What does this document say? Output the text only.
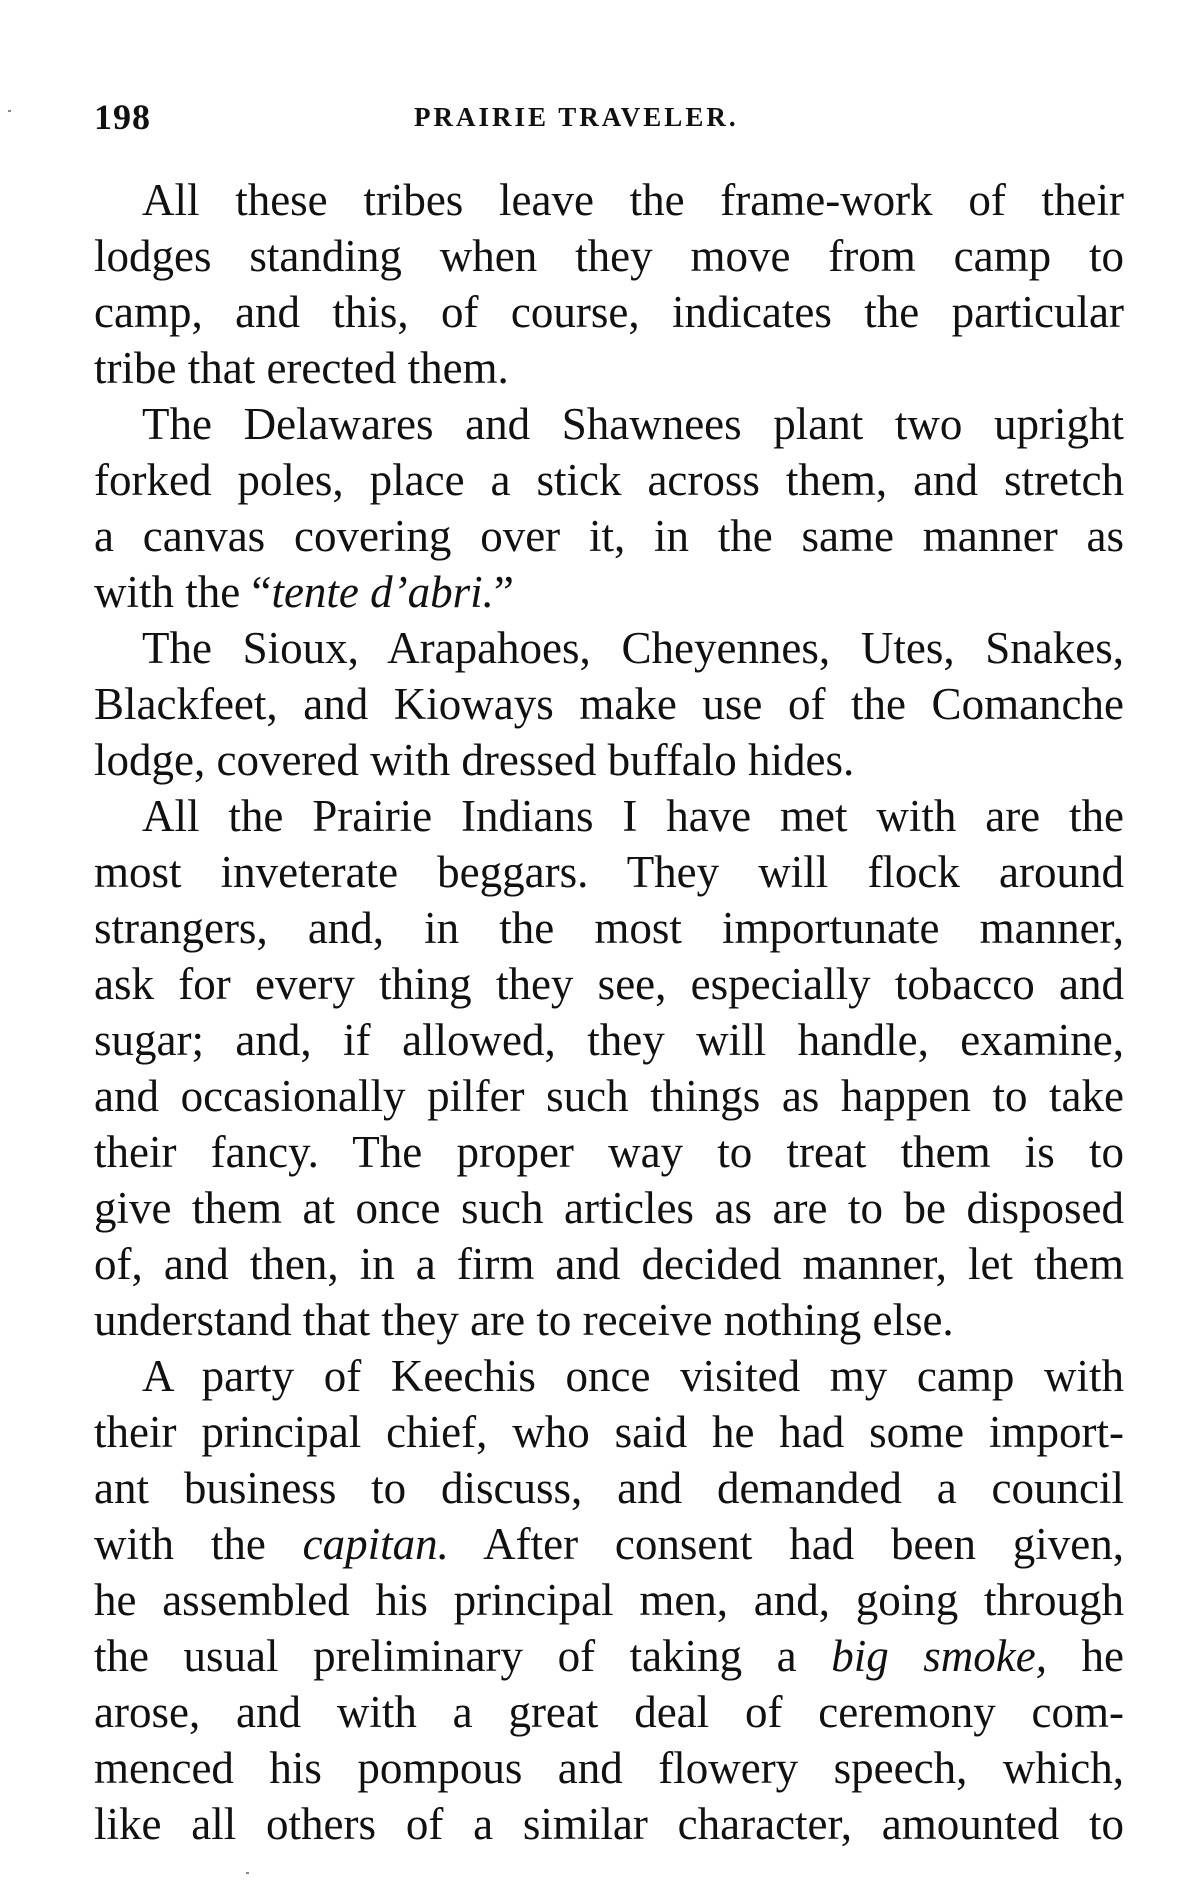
198	PRAIRIE TRAVELER.
All these tribes leave the frame-work of their
lodges standing when they move from camp to
camp, and this, of course, indicates the particular
tribe that erected them.
The Delawares and Shawnees plant two upright
forked poles, place a stick across them, and stretch
a canvas covering over it, in the same manner as
with the “tente d’abri.”
The Sioux, Arapahoes, Cheyennes, Utes, Snakes,
Blackfeet, and Kioways make use of the Comanche
lodge, covered with dressed buffalo hides.
All the Prairie Indians I have met with are the
most inveterate beggars. They will flock around
strangers, and, in the most importunate manner,
ask for every thing they see, especially tobacco and
sugar; and, if allowed, they will handle, examine,
and occasionally pilfer such things as happen to take
their fancy. The proper way to treat them is to
give them at once such articles as are to be disposed
of, and then, in a firm and decided manner, let them
understand that they are to receive nothing else.
A party of Keechis once visited my camp with
their principal chief, who said he had some import-
ant business to discuss, and demanded a council
with the capitan. After consent had been given,
he assembled his principal men, and, going through
the usual preliminary of taking a big smoke, he
arose, and with a great deal of ceremony com-
menced his pompous and flowery speech, which,
like all others of a similar character, amounted to
